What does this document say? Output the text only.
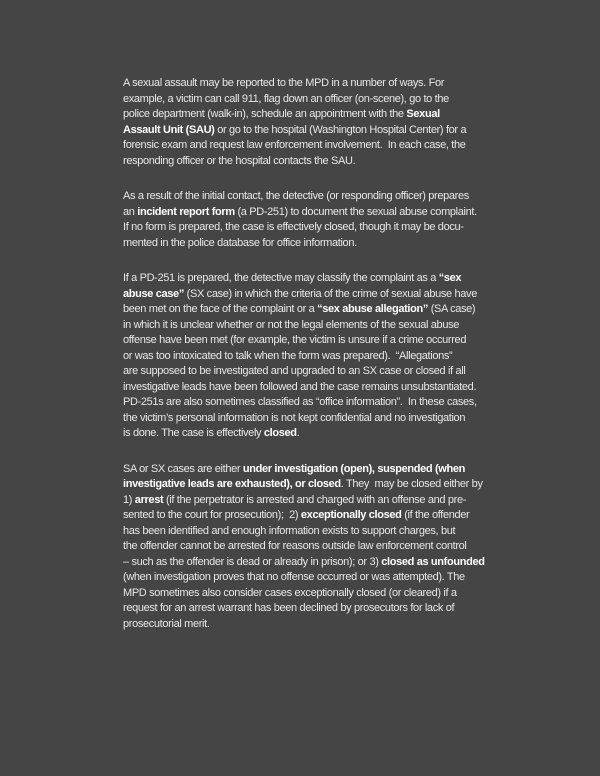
A sexual assault may be reported to the MPD in a number of ways. For
example, a victim can call 911, flag down an officer (on-scene), go to the
police department (walk-in), schedule an appointment with the Sexual
Assault Unit (SAU) or go to the hospital (Washington Hospital Center) for a
forensic exam and request law enforcement involvement.  In each case, the
responding officer or the hospital contacts the SAU.

As a result of the initial contact, the detective (or responding officer) prepares
an incident report form (a PD-251) to document the sexual abuse complaint.
If no form is prepared, the case is effectively closed, though it may be docu-
mented in the police database for office information.

If a PD-251 is prepared, the detective may classify the complaint as a “sex
abuse case” (SX case) in which the criteria of the crime of sexual abuse have
been met on the face of the complaint or a “sex abuse allegation” (SA case)
in which it is unclear whether or not the legal elements of the sexual abuse
offense have been met (for example, the victim is unsure if a crime occurred
or was too intoxicated to talk when the form was prepared).  “Allegations”
are supposed to be investigated and upgraded to an SX case or closed if all
investigative leads have been followed and the case remains unsubstantiated.
PD-251s are also sometimes classified as “office information”.  In these cases,
the victim’s personal information is not kept confidential and no investigation
is done. The case is effectively closed.

SA or SX cases are either under investigation (open), suspended (when
investigative leads are exhausted), or closed. They  may be closed either by
1) arrest (if the perpetrator is arrested and charged with an offense and pre-
sented to the court for prosecution);  2) exceptionally closed (if the offender
has been identified and enough information exists to support charges, but
the offender cannot be arrested for reasons outside law enforcement control
– such as the offender is dead or already in prison); or 3) closed as unfounded
(when investigation proves that no offense occurred or was attempted). The
MPD sometimes also consider cases exceptionally closed (or cleared) if a
request for an arrest warrant has been declined by prosecutors for lack of
prosecutorial merit.
